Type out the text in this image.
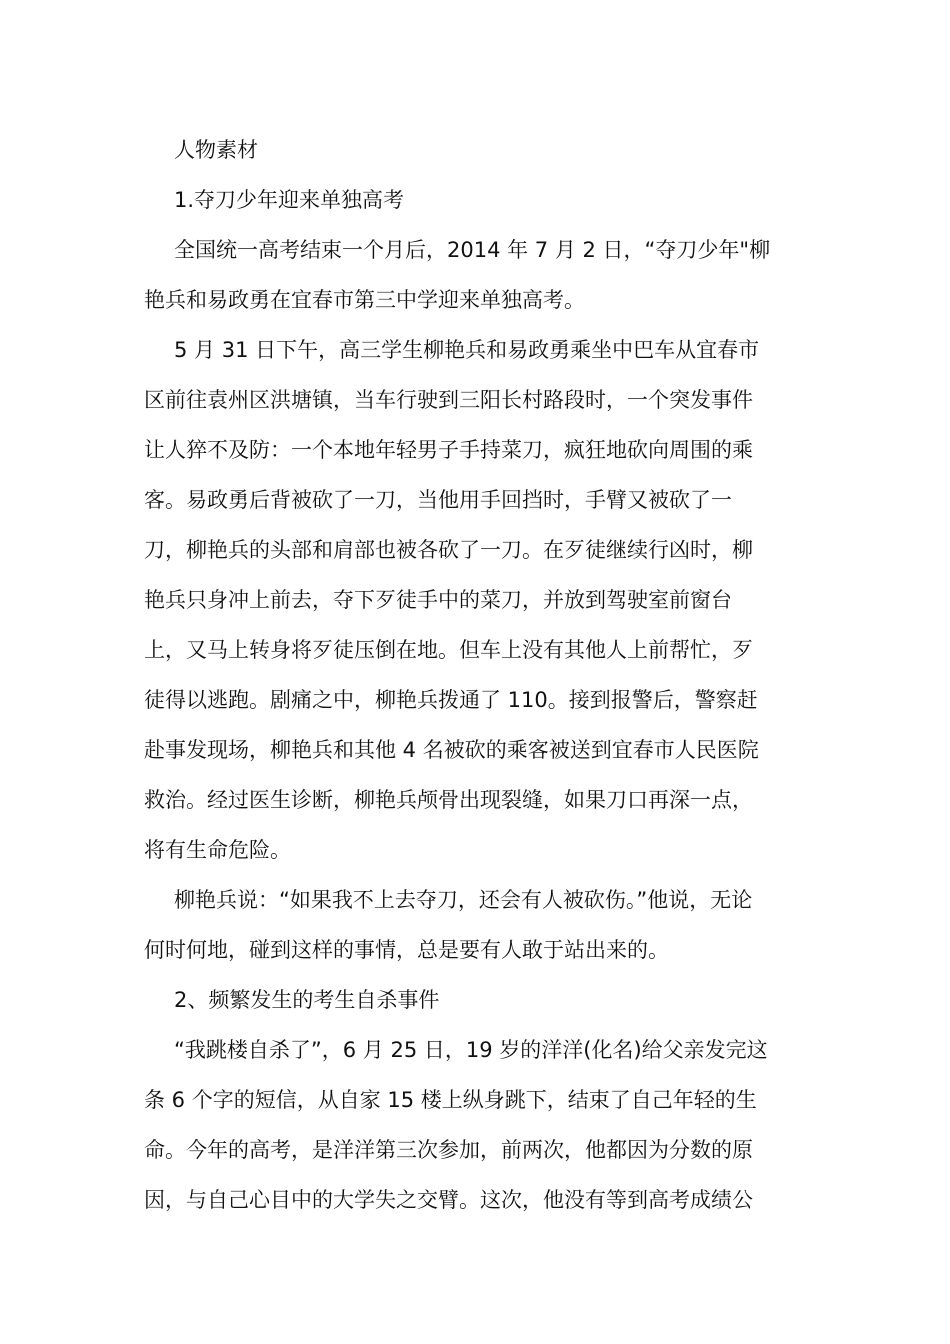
人物素材
1.夺刀少年迎来单独高考
全国统一高考结束一个月后，2014 年 7 月 2 日，“夺刀少年"柳
艳兵和易政勇在宜春市第三中学迎来单独高考。
5 月 31 日下午，高三学生柳艳兵和易政勇乘坐中巴车从宜春市
区前往袁州区洪塘镇，当车行驶到三阳长村路段时，一个突发事件
让人猝不及防：一个本地年轻男子手持菜刀，疯狂地砍向周围的乘
客。易政勇后背被砍了一刀，当他用手回挡时，手臂又被砍了一
刀，柳艳兵的头部和肩部也被各砍了一刀。在歹徒继续行凶时，柳
艳兵只身冲上前去，夺下歹徒手中的菜刀，并放到驾驶室前窗台
上，又马上转身将歹徒压倒在地。但车上没有其他人上前帮忙，歹
徒得以逃跑。剧痛之中，柳艳兵拨通了 110。接到报警后，警察赶
赴事发现场，柳艳兵和其他 4 名被砍的乘客被送到宜春市人民医院
救治。经过医生诊断，柳艳兵颅骨出现裂缝，如果刀口再深一点，
将有生命危险。
柳艳兵说：“如果我不上去夺刀，还会有人被砍伤。”他说，无论
何时何地，碰到这样的事情，总是要有人敢于站出来的。
2、频繁发生的考生自杀事件
“我跳楼自杀了”，6 月 25 日，19 岁的洋洋(化名)给父亲发完这
条 6 个字的短信，从自家 15 楼上纵身跳下，结束了自己年轻的生
命。今年的高考，是洋洋第三次参加，前两次，他都因为分数的原
因，与自己心目中的大学失之交臂。这次，他没有等到高考成绩公
